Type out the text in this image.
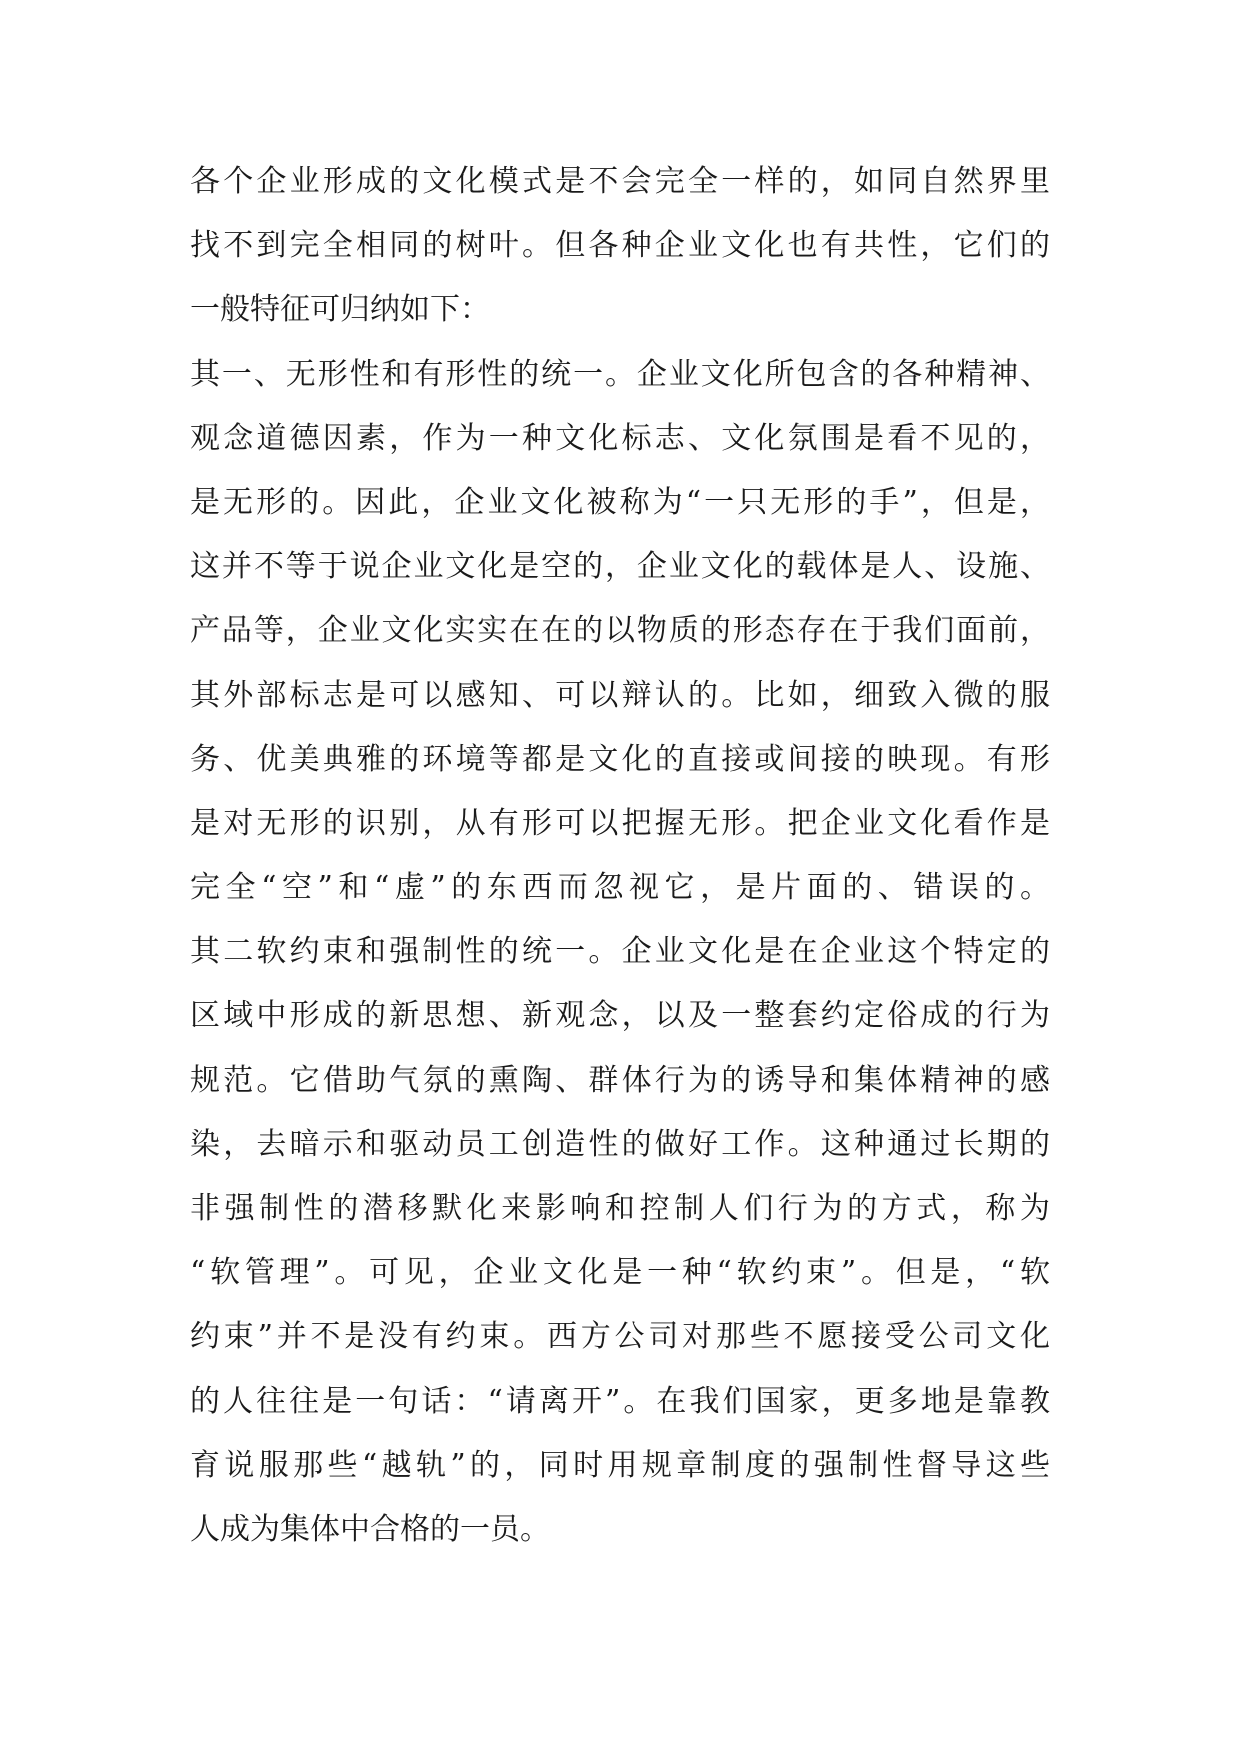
各个企业形成的文化模式是不会完全一样的，如同自然界里
找不到完全相同的树叶。但各种企业文化也有共性，它们的
一般特征可归纳如下：
其一、无形性和有形性的统一。企业文化所包含的各种精神、
观念道德因素，作为一种文化标志、文化氛围是看不见的，
是无形的。因此，企业文化被称为“一只无形的手”，但是，
这并不等于说企业文化是空的，企业文化的载体是人、设施、
产品等，企业文化实实在在的以物质的形态存在于我们面前，
其外部标志是可以感知、可以辩认的。比如，细致入微的服
务、优美典雅的环境等都是文化的直接或间接的映现。有形
是对无形的识别，从有形可以把握无形。把企业文化看作是
完全“空”和“虚”的东西而忽视它，是片面的、错误的。
其二软约束和强制性的统一。企业文化是在企业这个特定的
区域中形成的新思想、新观念，以及一整套约定俗成的行为
规范。它借助气氛的熏陶、群体行为的诱导和集体精神的感
染，去暗示和驱动员工创造性的做好工作。这种通过长期的
非强制性的潜移默化来影响和控制人们行为的方式，称为
“软管理”。可见，企业文化是一种“软约束”。但是，“软
约束”并不是没有约束。西方公司对那些不愿接受公司文化
的人往往是一句话：“请离开”。在我们国家，更多地是靠教
育说服那些“越轨”的，同时用规章制度的强制性督导这些
人成为集体中合格的一员。
